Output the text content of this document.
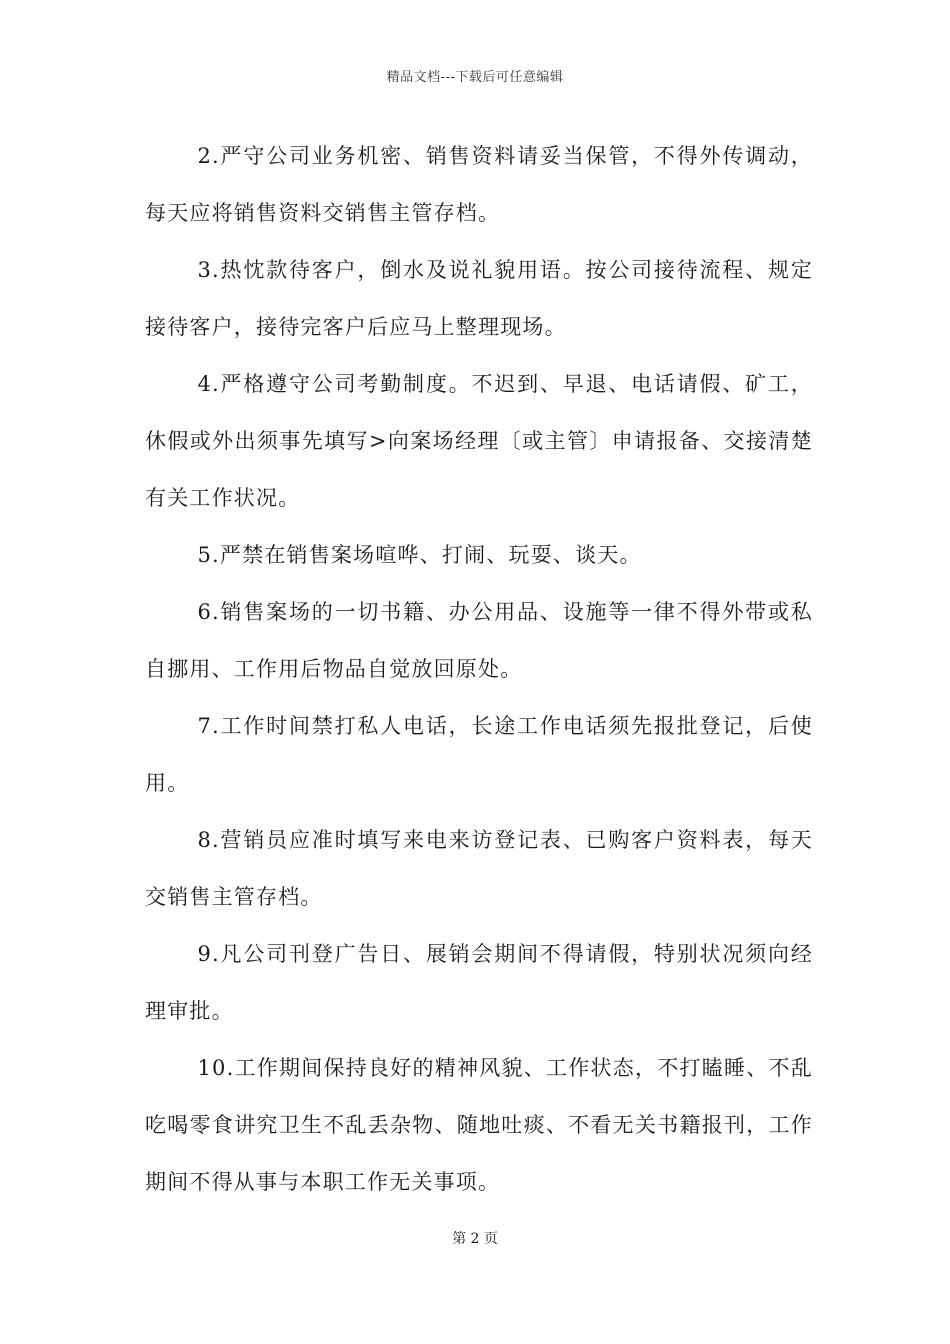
精品文档---下载后可任意编辑

2.严守公司业务机密、销售资料请妥当保管，不得外传调动，每天应将销售资料交销售主管存档。

3.热忱款待客户，倒水及说礼貌用语。按公司接待流程、规定接待客户，接待完客户后应马上整理现场。

4.严格遵守公司考勤制度。不迟到、早退、电话请假、矿工，休假或外出须事先填写>向案场经理〔或主管〕申请报备、交接清楚有关工作状况。

5.严禁在销售案场喧哗、打闹、玩耍、谈天。

6.销售案场的一切书籍、办公用品、设施等一律不得外带或私自挪用、工作用后物品自觉放回原处。

7.工作时间禁打私人电话，长途工作电话须先报批登记，后使用。

8.营销员应准时填写来电来访登记表、已购客户资料表，每天交销售主管存档。

9.凡公司刊登广告日、展销会期间不得请假，特别状况须向经理审批。

10.工作期间保持良好的精神风貌、工作状态，不打瞌睡、不乱吃喝零食讲究卫生不乱丢杂物、随地吐痰、不看无关书籍报刊，工作期间不得从事与本职工作无关事项。

第 2 页
